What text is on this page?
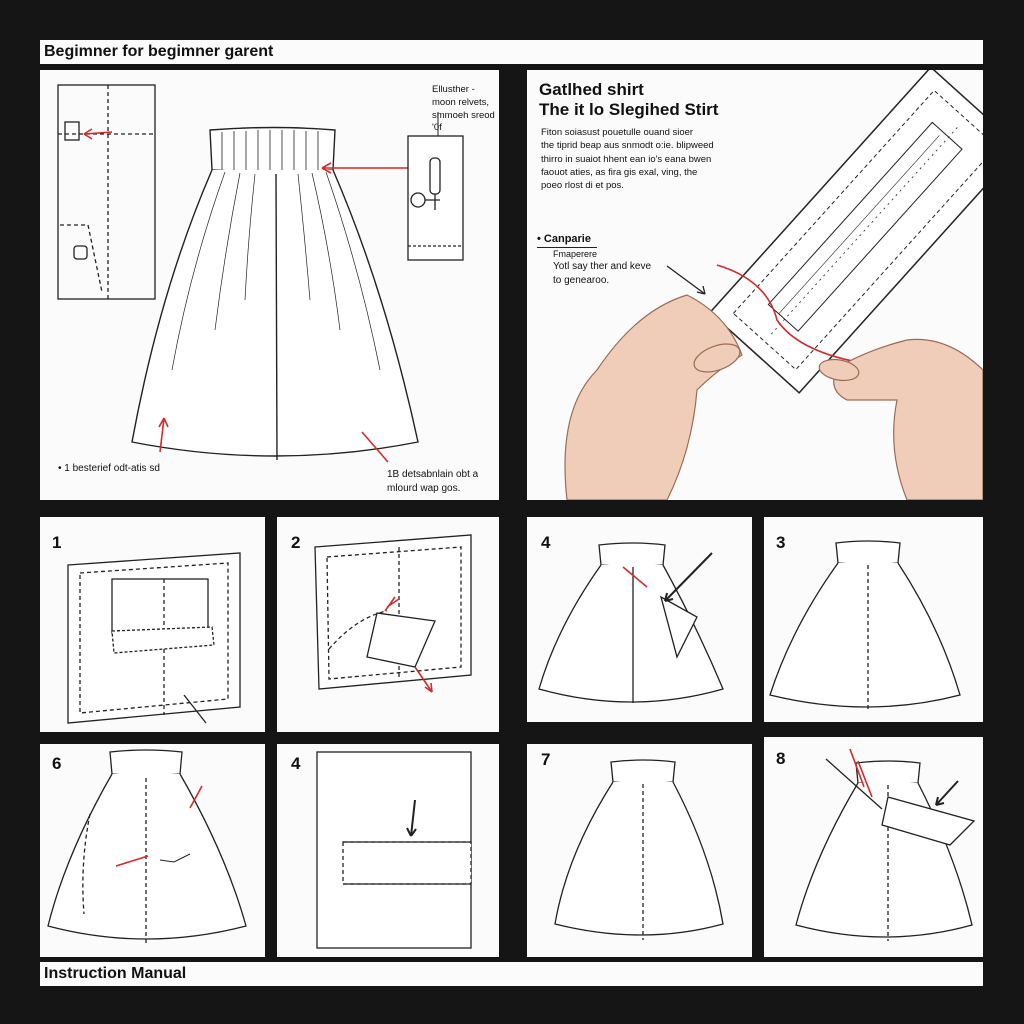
Begimner for begimner garent
Ellusther -
moon relvets,
smmoeh sreod
'0f
• 1 besterief odt-atis sd
1B detsabnlain obt a
mlourd wap gos.
Gatlhed shirt
The it lo Slegihed Stirt
Fiton soiasust pouetulle ouand sioer
the tiprid beap aus snmodt o:ie. blipweed
thirro in suaiot hhent ean io's eana bwen
faouot aties, as fira gis exal, ving, the
poeo rlost di et pos.
• Canparie
Fmaperere
Yotl say ther and keve
to genearoo.
1	2	4	3
6	4	7	8
Instruction Manual
